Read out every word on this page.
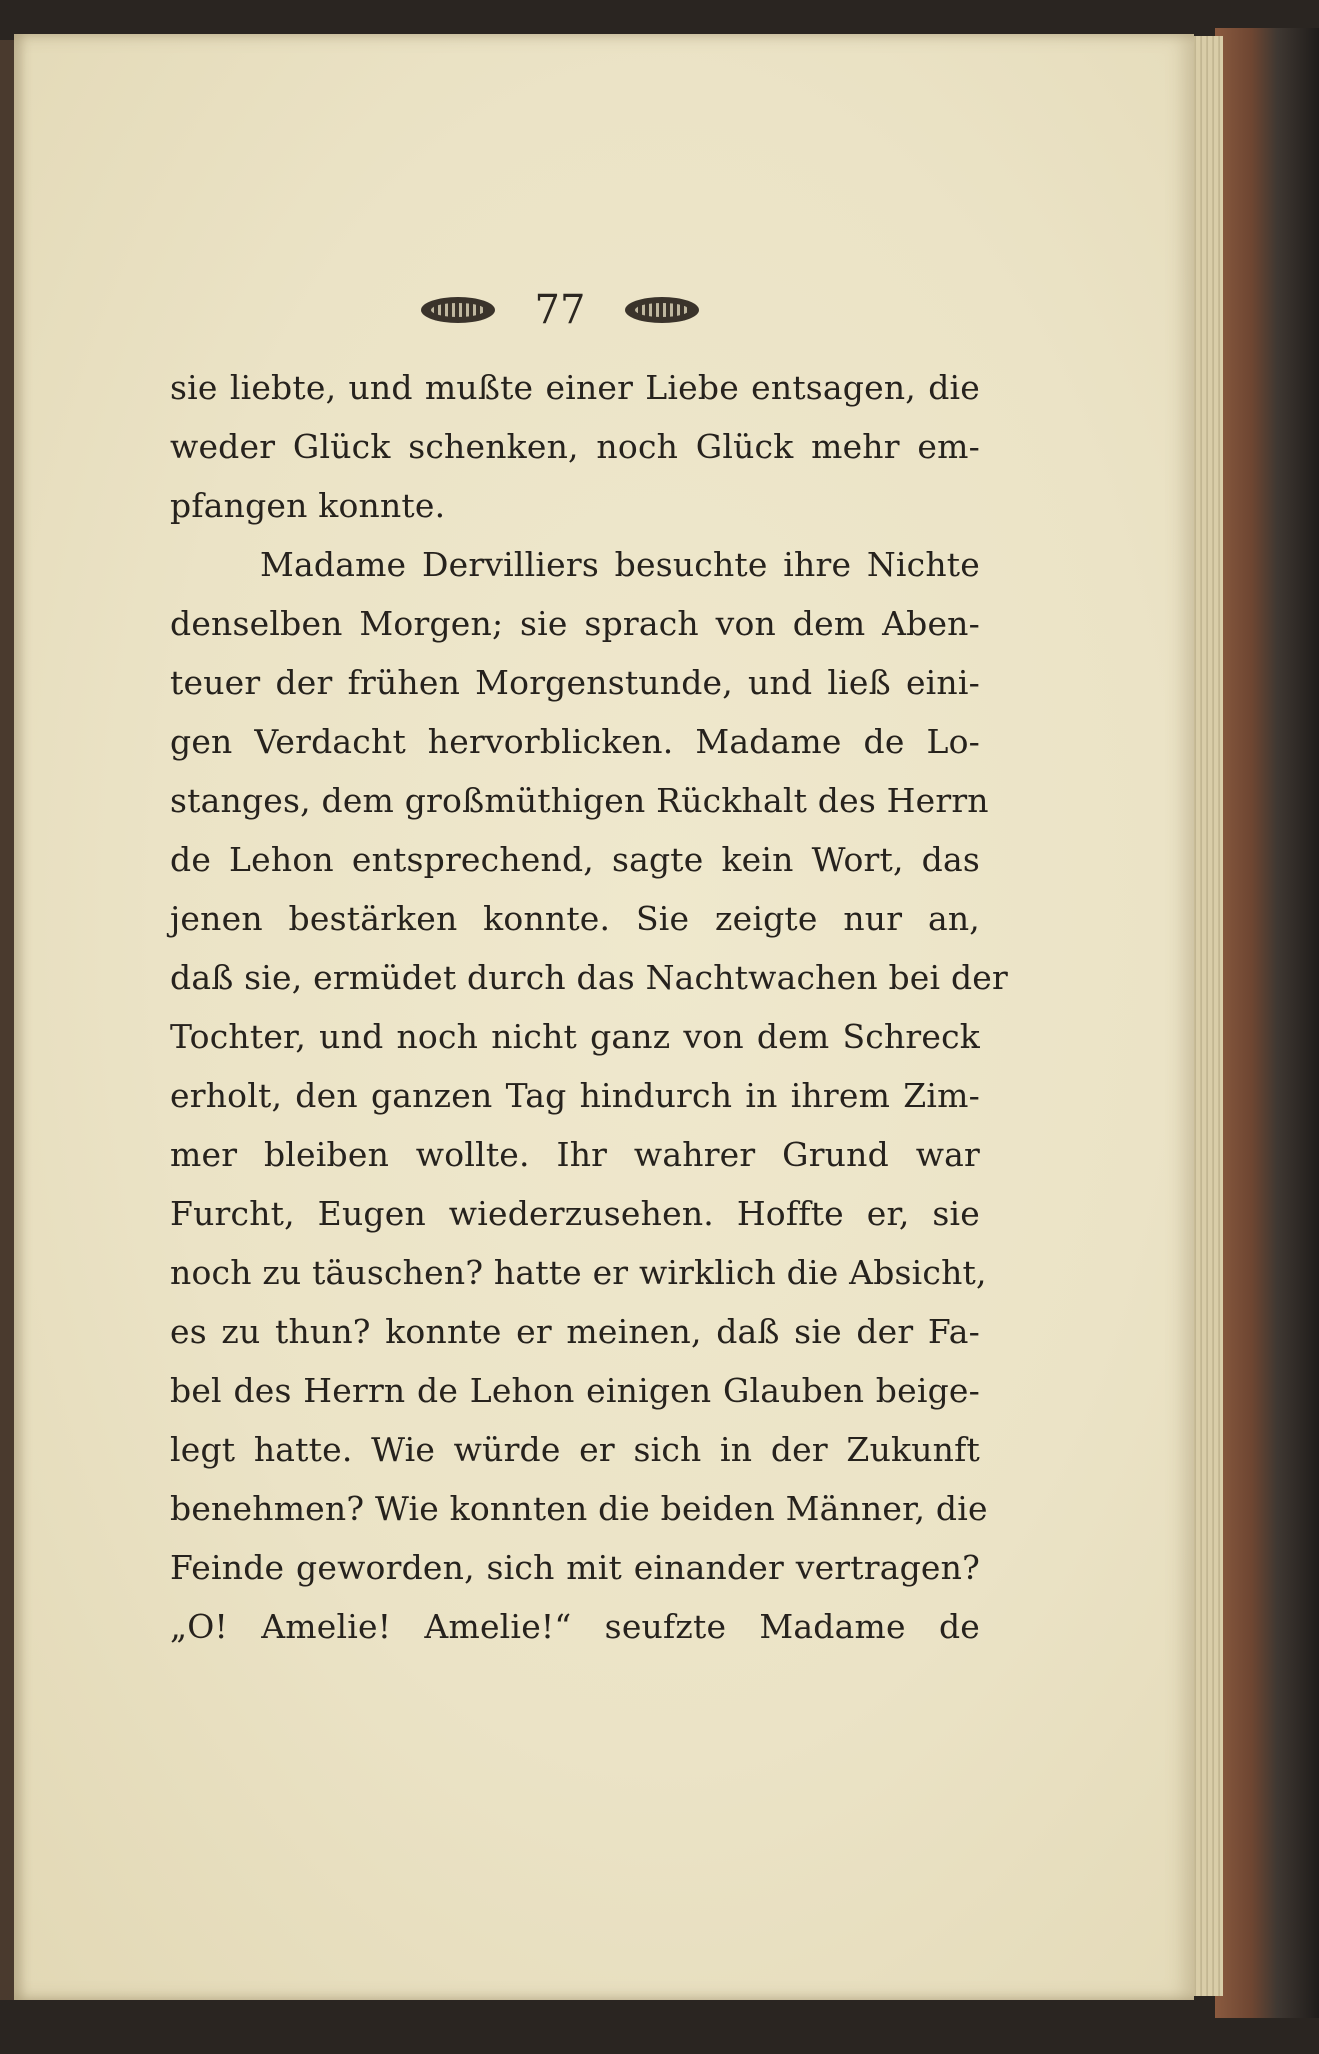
77
sie liebte, und mußte einer Liebe entsagen, die
weder Glück schenken, noch Glück mehr em-
pfangen konnte.
Madame Dervilliers besuchte ihre Nichte
denselben Morgen; sie sprach von dem Aben-
teuer der frühen Morgenstunde, und ließ eini-
gen Verdacht hervorblicken. Madame de Lo-
stanges, dem großmüthigen Rückhalt des Herrn
de Lehon entsprechend, sagte kein Wort, das
jenen bestärken konnte. Sie zeigte nur an,
daß sie, ermüdet durch das Nachtwachen bei der
Tochter, und noch nicht ganz von dem Schreck
erholt, den ganzen Tag hindurch in ihrem Zim-
mer bleiben wollte. Ihr wahrer Grund war
Furcht, Eugen wiederzusehen. Hoffte er, sie
noch zu täuschen? hatte er wirklich die Absicht,
es zu thun? konnte er meinen, daß sie der Fa-
bel des Herrn de Lehon einigen Glauben beige-
legt hatte. Wie würde er sich in der Zukunft
benehmen? Wie konnten die beiden Männer, die
Feinde geworden, sich mit einander vertragen?
„O! Amelie! Amelie!“ seufzte Madame de
